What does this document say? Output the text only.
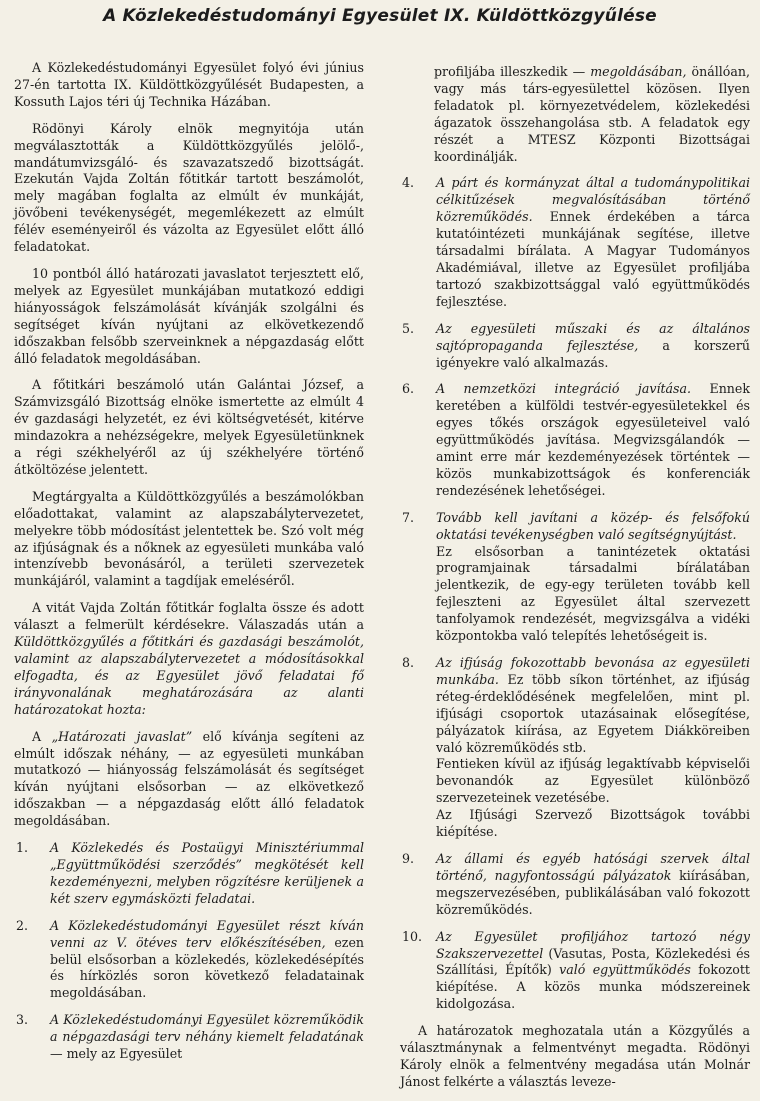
A Közlekedéstudományi Egyesület IX. Küldöttközgyűlése

A Közlekedéstudományi Egyesület folyó évi június 27-én tartotta IX. Küldöttközgyűlését Budapesten, a Kossuth Lajos téri új Technika Házában.

Rödönyi Károly elnök megnyitója után megválasztották a Küldöttközgyűlés jelölő-, mandátumvizsgáló- és szavazatszedő bizottságát. Ezekután Vajda Zoltán főtitkár tartott beszámolót, mely magában foglalta az elmúlt év munkáját, jövőbeni tevékenységét, megemlékezett az elmúlt félév eseményeiről és vázolta az Egyesület előtt álló feladatokat.

10 pontból álló határozati javaslatot terjesztett elő, melyek az Egyesület munkájában mutatkozó eddigi hiányosságok felszámolását kívánják szolgálni és segítséget kíván nyújtani az elkövetkezendő időszakban felsőbb szerveinknek a népgazdaság előtt álló feladatok megoldásában.

A főtitkári beszámoló után Galántai József, a Számvizsgáló Bizottság elnöke ismertette az elmúlt 4 év gazdasági helyzetét, ez évi költségvetését, kitérve mindazokra a nehézségekre, melyek Egyesületünknek a régi székhelyéről az új székhelyére történő átköltözése jelentett.

Megtárgyalta a Küldöttközgyűlés a beszámolókban előadottakat, valamint az alapszabálytervezetet, melyekre több módosítást jelentettek be. Szó volt még az ifjúságnak és a nőknek az egyesületi munkába való intenzívebb bevonásáról, a területi szervezetek munkájáról, valamint a tagdíjak emeléséről.

A vitát Vajda Zoltán főtitkár foglalta össze és adott választ a felmerült kérdésekre. Válaszadás után a Küldöttközgyűlés a főtitkári és gazdasági beszámolót, valamint az alapszabálytervezetet a módosításokkal elfogadta, és az Egyesület jövő feladatai fő irányvonalának meghatározására az alanti határozatokat hozta:

A „Határozati javaslat” elő kívánja segíteni az elmúlt időszak néhány, — az egyesületi munkában mutatkozó — hiányosság felszámolását és segítséget kíván nyújtani elsősorban — az elkövetkező időszakban — a népgazdaság előtt álló feladatok megoldásában.

1.	A Közlekedés és Postaügyi Minisztériummal „Együttműködési szerződés” megkötését kell kezdeményezni, melyben rögzítésre kerüljenek a két szerv egymásközti feladatai.
2.	A Közlekedéstudományi Egyesület részt kíván venni az V. ötéves terv előkészítésében, ezen belül elsősorban a közlekedés, közlekedésépítés és hírközlés soron következő feladatainak megoldásában.
3.	A Közlekedéstudományi Egyesület közreműködik a népgazdasági terv néhány kiemelt feladatának — mely az Egyesület

profiljába illeszkedik — megoldásában, önállóan, vagy más társ-egyesülettel közösen. Ilyen feladatok pl. környezetvédelem, közlekedési ágazatok összehangolása stb. A feladatok egy részét a MTESZ Központi Bizottságai koordinálják.

4.	A párt és kormányzat által a tudománypolitikai célkitűzések megvalósításában történő közreműködés. Ennek érdekében a tárca kutatóintézeti munkájának segítése, illetve társadalmi bírálata. A Magyar Tudományos Akadémiával, illetve az Egyesület profiljába tartozó szakbizottsággal való együttműködés fejlesztése.
5.	Az egyesületi műszaki és az általános sajtópropaganda fejlesztése, a korszerű igényekre való alkalmazás.
6.	A nemzetközi integráció javítása. Ennek keretében a külföldi testvér-egyesületekkel és egyes tőkés országok egyesületeivel való együttműködés javítása. Megvizsgálandók — amint erre már kezdeményezések történtek — közös munkabizottságok és konferenciák rendezésének lehetőségei.
7.	Tovább kell javítani a közép- és felsőfokú oktatási tevékenységben való segítségnyújtást.
Ez elsősorban a tanintézetek oktatási programjainak társadalmi bírálatában jelentkezik, de egy-egy területen tovább kell fejleszteni az Egyesület által szervezett tanfolyamok rendezését, megvizsgálva a vidéki központokba való telepítés lehetőségeit is.
8.	Az ifjúság fokozottabb bevonása az egyesületi munkába. Ez több síkon történhet, az ifjúság réteg-érdeklődésének megfelelően, mint pl. ifjúsági csoportok utazásainak elősegítése, pályázatok kiírása, az Egyetem Diákköreiben való közreműködés stb.
Fentieken kívül az ifjúság legaktívabb képviselői bevonandók az Egyesület különböző szervezeteinek vezetésébe.
Az Ifjúsági Szervező Bizottságok további kiépítése.
9.	Az állami és egyéb hatósági szervek által történő, nagyfontosságú pályázatok kiírásában, megszervezésében, publikálásában való fokozott közreműködés.
10.	Az Egyesület profiljához tartozó négy Szakszervezettel (Vasutas, Posta, Közlekedési és Szállítási, Építők) való együttműködés fokozott kiépítése. A közös munka módszereinek kidolgozása.

A határozatok meghozatala után a Közgyűlés a választmánynak a felmentvényt megadta. Rödönyi Károly elnök a felmentvény megadása után Molnár Jánost felkérte a választás leveze-
